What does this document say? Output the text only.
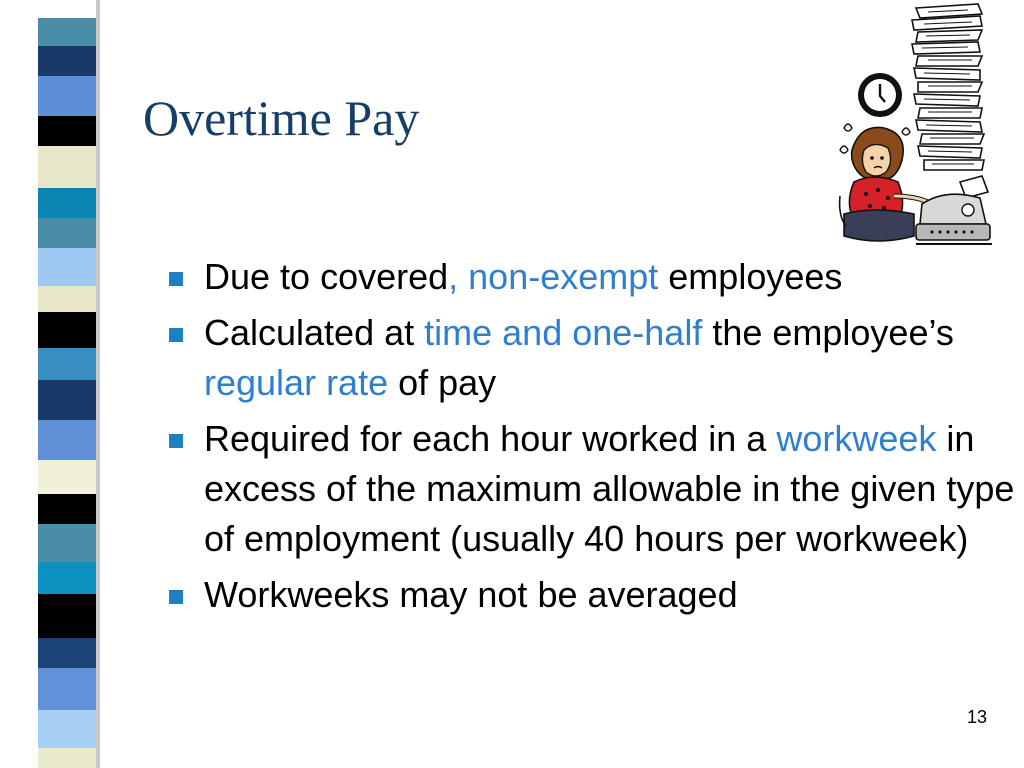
Overtime Pay
Due to covered, non-exempt employees
Calculated at time and one-half the employee’s regular rate of pay
Required for each hour worked in a workweek in excess of the maximum allowable in the given type of employment (usually 40 hours per workweek)
Workweeks may not be averaged
13
